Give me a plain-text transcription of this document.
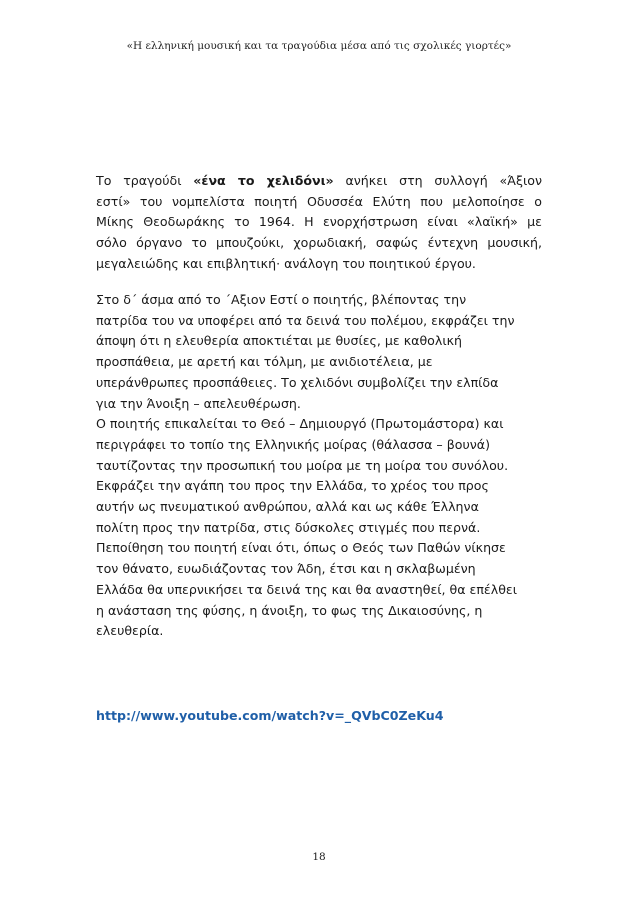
«Η ελληνική μουσική και τα τραγούδια μέσα από τις σχολικές γιορτές»
Το τραγούδι «ένα το χελιδόνι» ανήκει στη συλλογή «Άξιον
εστί» του νομπελίστα ποιητή Οδυσσέα Ελύτη που μελοποίησε ο
Μίκης Θεοδωράκης το 1964. Η ενορχήστρωση είναι «λαϊκή» με
σόλο όργανο το μπουζούκι, χορωδιακή, σαφώς έντεχνη μουσική,
μεγαλειώδης και επιβλητική· ανάλογη του ποιητικού έργου.
Στο δ΄ άσμα από το ΄Αξιον Εστί ο ποιητής, βλέποντας την
πατρίδα του να υποφέρει από τα δεινά του πολέμου, εκφράζει την
άποψη ότι η ελευθερία αποκτιέται με θυσίες, με καθολική
προσπάθεια, με αρετή και τόλμη, με ανιδιοτέλεια, με
υπεράνθρωπες προσπάθειες. Το χελιδόνι συμβολίζει την ελπίδα
για την Άνοιξη – απελευθέρωση.
Ο ποιητής επικαλείται το Θεό – Δημιουργό (Πρωτομάστορα) και
περιγράφει το τοπίο της Ελληνικής μοίρας (θάλασσα – βουνά)
ταυτίζοντας την προσωπική του μοίρα με τη μοίρα του συνόλου.
Εκφράζει την αγάπη του προς την Ελλάδα, το χρέος του προς
αυτήν ως πνευματικού ανθρώπου, αλλά και ως κάθε Έλληνα
πολίτη προς την πατρίδα, στις δύσκολες στιγμές που περνά.
Πεποίθηση του ποιητή είναι ότι, όπως ο Θεός των Παθών νίκησε
τον θάνατο, ευωδιάζοντας τον Άδη, έτσι και η σκλαβωμένη
Ελλάδα θα υπερνικήσει τα δεινά της και θα αναστηθεί, θα επέλθει
η ανάσταση της φύσης, η άνοιξη, το φως της Δικαιοσύνης, η
ελευθερία.
http://www.youtube.com/watch?v=_QVbC0ZeKu4
18
